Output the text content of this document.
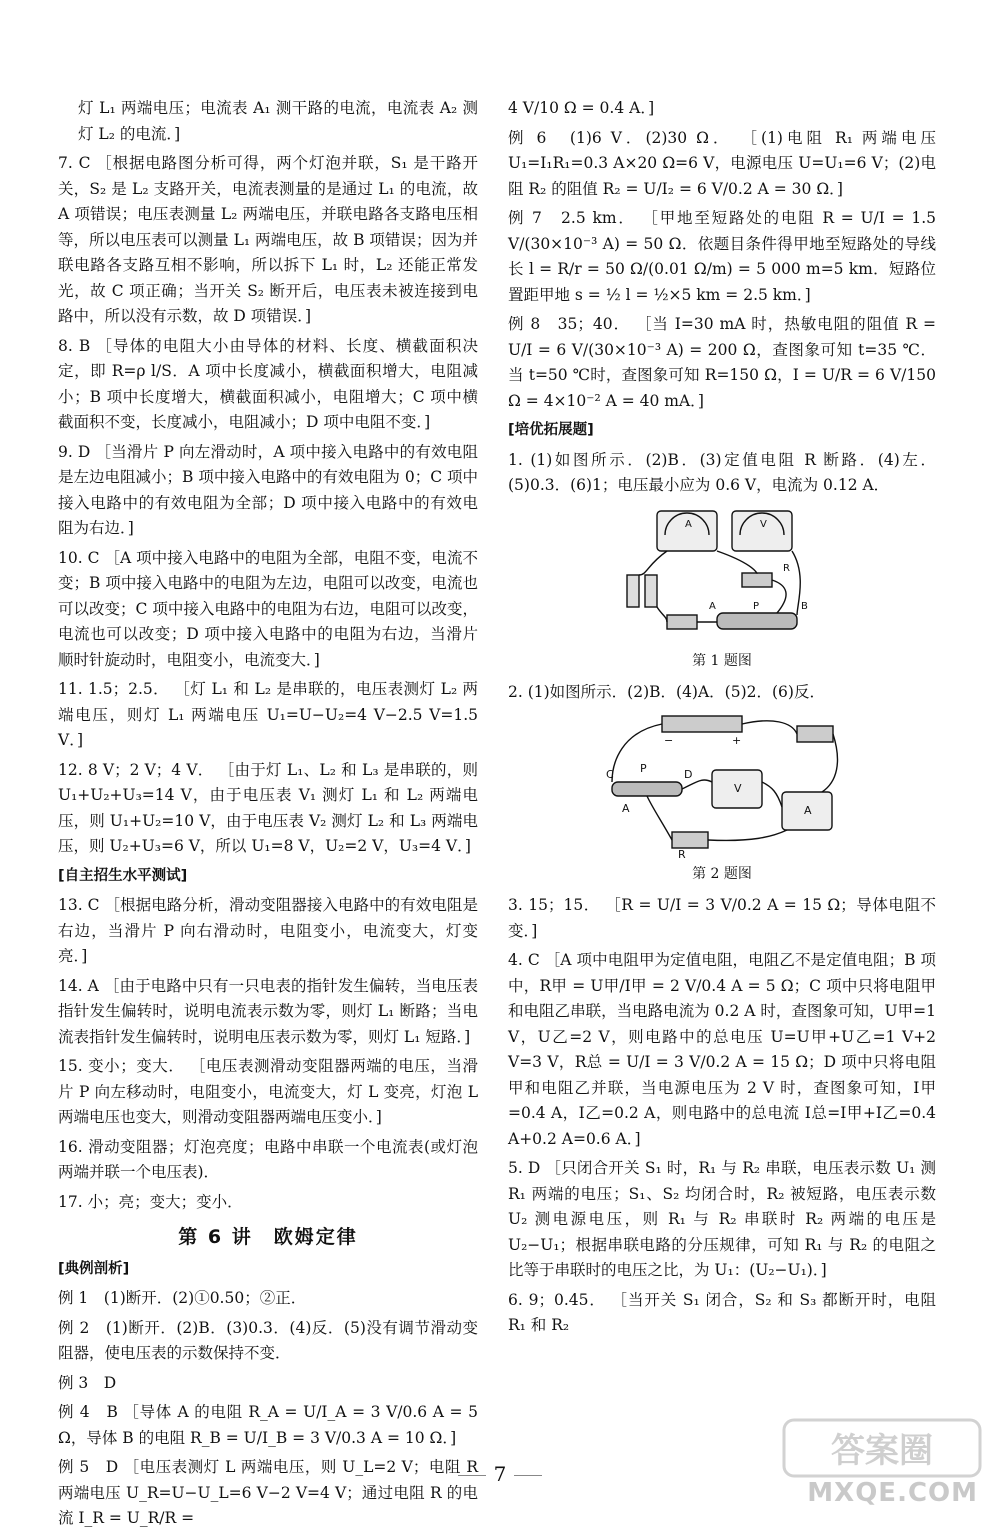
灯 L₁ 两端电压；电流表 A₁ 测干路的电流，电流表 A₂ 测灯 L₂ 的电流．]

7. C ［根据电路图分析可得，两个灯泡并联，S₁ 是干路开关，S₂ 是 L₂ 支路开关，电流表测量的是通过 L₁ 的电流，故 A 项错误；电压表测量 L₂ 两端电压，并联电路各支路电压相等，所以电压表可以测量 L₁ 两端电压，故 B 项错误；因为并联电路各支路互相不影响，所以拆下 L₁ 时，L₂ 还能正常发光，故 C 项正确；当开关 S₂ 断开后，电压表未被连接到电路中，所以没有示数，故 D 项错误．]

8. B ［导体的电阻大小由导体的材料、长度、横截面积决定，即 R=ρ l/S．A 项中长度减小，横截面积增大，电阻减小；B 项中长度增大，横截面积减小，电阻增大；C 项中横截面积不变，长度减小，电阻减小；D 项中电阻不变．]

9. D ［当滑片 P 向左滑动时，A 项中接入电路中的有效电阻是左边电阻减小；B 项中接入电路中的有效电阻为 0；C 项中接入电路中的有效电阻为全部；D 项中接入电路中的有效电阻为右边．]

10. C ［A 项中接入电路中的电阻为全部，电阻不变，电流不变；B 项中接入电路中的电阻为左边，电阻可以改变，电流也可以改变；C 项中接入电路中的电阻为右边，电阻可以改变，电流也可以改变；D 项中接入电路中的电阻为右边，当滑片顺时针旋动时，电阻变小，电流变大．]

11. 1.5；2.5． ［灯 L₁ 和 L₂ 是串联的，电压表测灯 L₂ 两端电压，则灯 L₁ 两端电压 U₁=U−U₂=4 V−2.5 V=1.5 V．]

12. 8 V；2 V；4 V． ［由于灯 L₁、L₂ 和 L₃ 是串联的，则 U₁+U₂+U₃=14 V，由于电压表 V₁ 测灯 L₁ 和 L₂ 两端电压，则 U₁+U₂=10 V，由于电压表 V₂ 测灯 L₂ 和 L₃ 两端电压，则 U₂+U₃=6 V，所以 U₁=8 V，U₂=2 V，U₃=4 V．]

[自主招生水平测试]

13. C ［根据电路分析，滑动变阻器接入电路中的有效电阻是右边，当滑片 P 向右滑动时，电阻变小，电流变大，灯变亮．]

14. A ［由于电路中只有一只电表的指针发生偏转，当电压表指针发生偏转时，说明电流表示数为零，则灯 L₁ 断路；当电流表指针发生偏转时，说明电压表示数为零，则灯 L₁ 短路．]

15. 变小；变大． ［电压表测滑动变阻器两端的电压，当滑片 P 向左移动时，电阻变小，电流变大，灯 L 变亮，灯泡 L 两端电压也变大，则滑动变阻器两端电压变小．]

16. 滑动变阻器；灯泡亮度；电路中串联一个电流表(或灯泡两端并联一个电压表)．

17. 小；亮；变大；变小．

第 6 讲　欧姆定律
[典例剖析]

例 1　(1)断开．(2)①0.50；②正．

例 2　(1)断开．(2)B．(3)0.3．(4)反．(5)没有调节滑动变阻器，使电压表的示数保持不变．

例 3　D

例 4　B ［导体 A 的电阻 R_A = U/I_A = 3 V/0.6 A = 5 Ω，导体 B 的电阻 R_B = U/I_B = 3 V/0.3 A = 10 Ω．]

例 5　D ［电压表测灯 L 两端电压，则 U_L=2 V；电阻 R 两端电压 U_R=U−U_L=6 V−2 V=4 V；通过电阻 R 的电流 I_R = U_R/R =

4 V/10 Ω = 0.4 A．]

例 6　(1)6 V．(2)30 Ω． ［(1)电阻 R₁ 两端电压 U₁=I₁R₁=0.3 A×20 Ω=6 V，电源电压 U=U₁=6 V；(2)电阻 R₂ 的阻值 R₂ = U/I₂ = 6 V/0.2 A = 30 Ω．]

例 7　2.5 km． ［甲地至短路处的电阻 R = U/I = 1.5 V/(30×10⁻³ A) = 50 Ω．依题目条件得甲地至短路处的导线长 l = R/r = 50 Ω/(0.01 Ω/m) = 5 000 m=5 km．短路位置距甲地 s = ½ l = ½×5 km = 2.5 km．]

例 8　35；40． ［当 I=30 mA 时，热敏电阻的阻值 R = U/I = 6 V/(30×10⁻³ A) = 200 Ω，查图象可知 t=35 ℃．当 t=50 ℃时，查图象可知 R=150 Ω，I = U/R = 6 V/150 Ω = 4×10⁻² A = 40 mA．]

[培优拓展题]

1. (1)如图所示．(2)B．(3)定值电阻 R 断路．(4)左．(5)0.3．(6)1；电压最小应为 0.6 V，电流为 0.12 A．

A	V
R
A	P	B
第 1 题图

2. (1)如图所示．(2)B．(4)A．(5)2．(6)反．

−	+
C P	D
A
V
A
R
第 2 题图

3. 15；15． ［R = U/I = 3 V/0.2 A = 15 Ω；导体电阻不变．]

4. C ［A 项中电阻甲为定值电阻，电阻乙不是定值电阻；B 项中，R甲 = U甲/I甲 = 2 V/0.4 A = 5 Ω；C 项中只将电阻甲和电阻乙串联，当电路电流为 0.2 A 时，查图象可知，U甲=1 V，U乙=2 V，则电路中的总电压 U=U甲+U乙=1 V+2 V=3 V，R总 = U/I = 3 V/0.2 A = 15 Ω；D 项中只将电阻甲和电阻乙并联，当电源电压为 2 V 时，查图象可知，I甲=0.4 A，I乙=0.2 A，则电路中的总电流 I总=I甲+I乙=0.4 A+0.2 A=0.6 A．]

5. D ［只闭合开关 S₁ 时，R₁ 与 R₂ 串联，电压表示数 U₁ 测 R₁ 两端的电压；S₁、S₂ 均闭合时，R₂ 被短路，电压表示数 U₂ 测电源电压，则 R₁ 与 R₂ 串联时 R₂ 两端的电压是 U₂−U₁；根据串联电路的分压规律，可知 R₁ 与 R₂ 的电阻之比等于串联时的电压之比，为 U₁：(U₂−U₁)．]

6. 9；0.45． ［当开关 S₁ 闭合，S₂ 和 S₃ 都断开时，电阻 R₁ 和 R₂

7
答案圈
MXQE.COM
